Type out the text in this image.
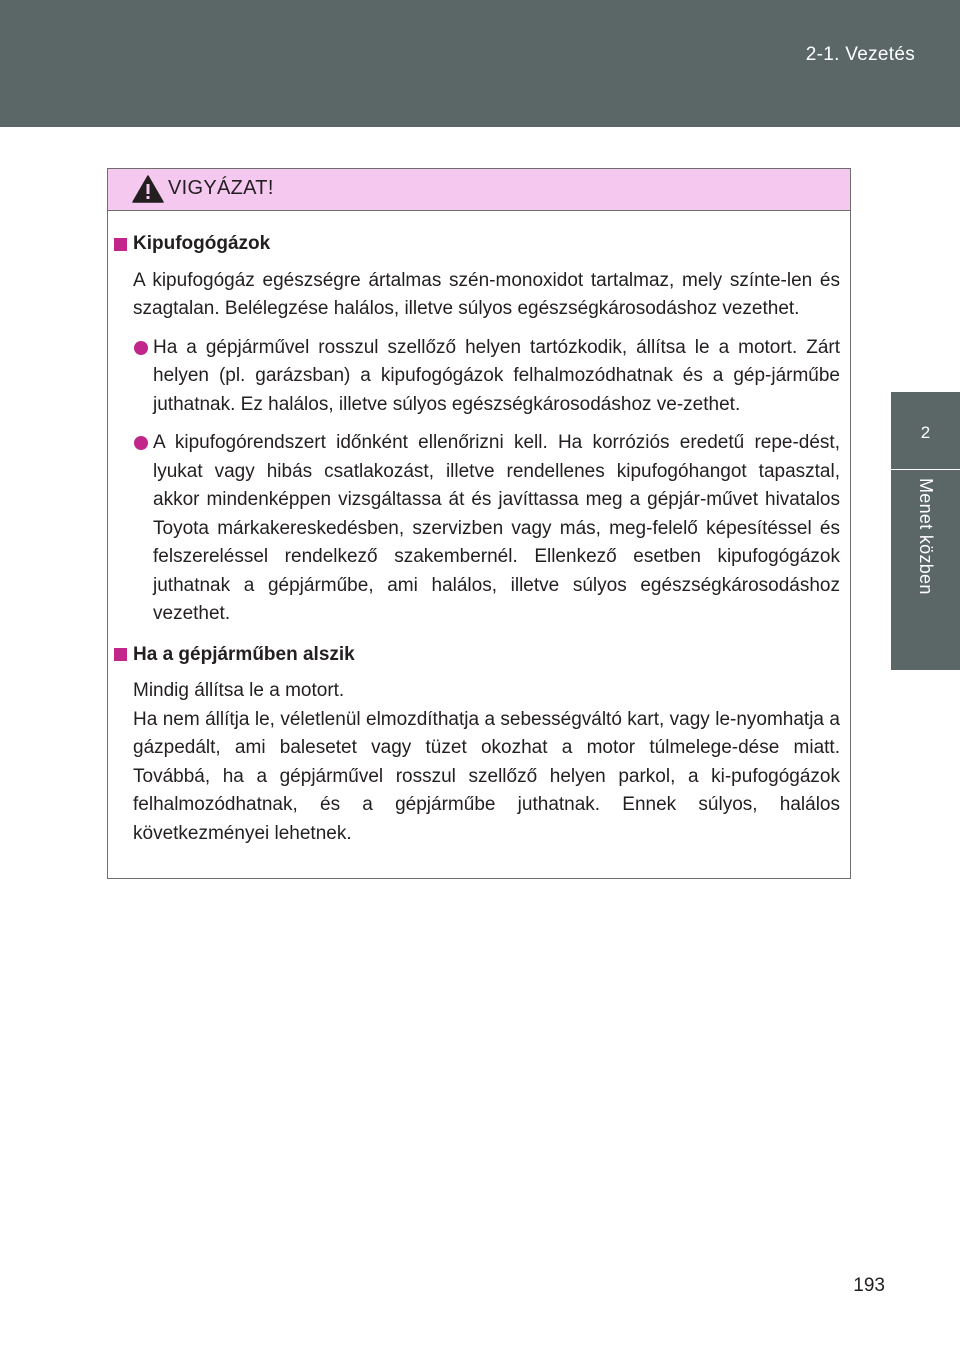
2-1. Vezetés
2
Menet közben
VIGYÁZAT!
Kipufogógázok
A kipufogógáz egészségre ártalmas szén-monoxidot tartalmaz, mely színte-len és szagtalan. Belélegzése halálos, illetve súlyos egészségkárosodáshoz vezethet.
Ha a gépjárművel rosszul szellőző helyen tartózkodik, állítsa le a motort. Zárt helyen (pl. garázsban) a kipufogógázok felhalmozódhatnak és a gép-járműbe juthatnak. Ez halálos, illetve súlyos egészségkárosodáshoz ve-zethet.
A kipufogórendszert időnként ellenőrizni kell. Ha korróziós eredetű repe-dést, lyukat vagy hibás csatlakozást, illetve rendellenes kipufogóhangot tapasztal, akkor mindenképpen vizsgáltassa át és javíttassa meg a gépjár-művet hivatalos Toyota márkakereskedésben, szervizben vagy más, meg-felelő képesítéssel és felszereléssel rendelkező szakembernél. Ellenkező esetben kipufogógázok juthatnak a gépjárműbe, ami halálos, illetve súlyos egészségkárosodáshoz vezethet.
Ha a gépjárműben alszik
Mindig állítsa le a motort.
Ha nem állítja le, véletlenül elmozdíthatja a sebességváltó kart, vagy le-nyomhatja a gázpedált, ami balesetet vagy tüzet okozhat a motor túlmelege-dése miatt. Továbbá, ha a gépjárművel rosszul szellőző helyen parkol, a ki-pufogógázok felhalmozódhatnak, és a gépjárműbe juthatnak. Ennek súlyos, halálos következményei lehetnek.
193
